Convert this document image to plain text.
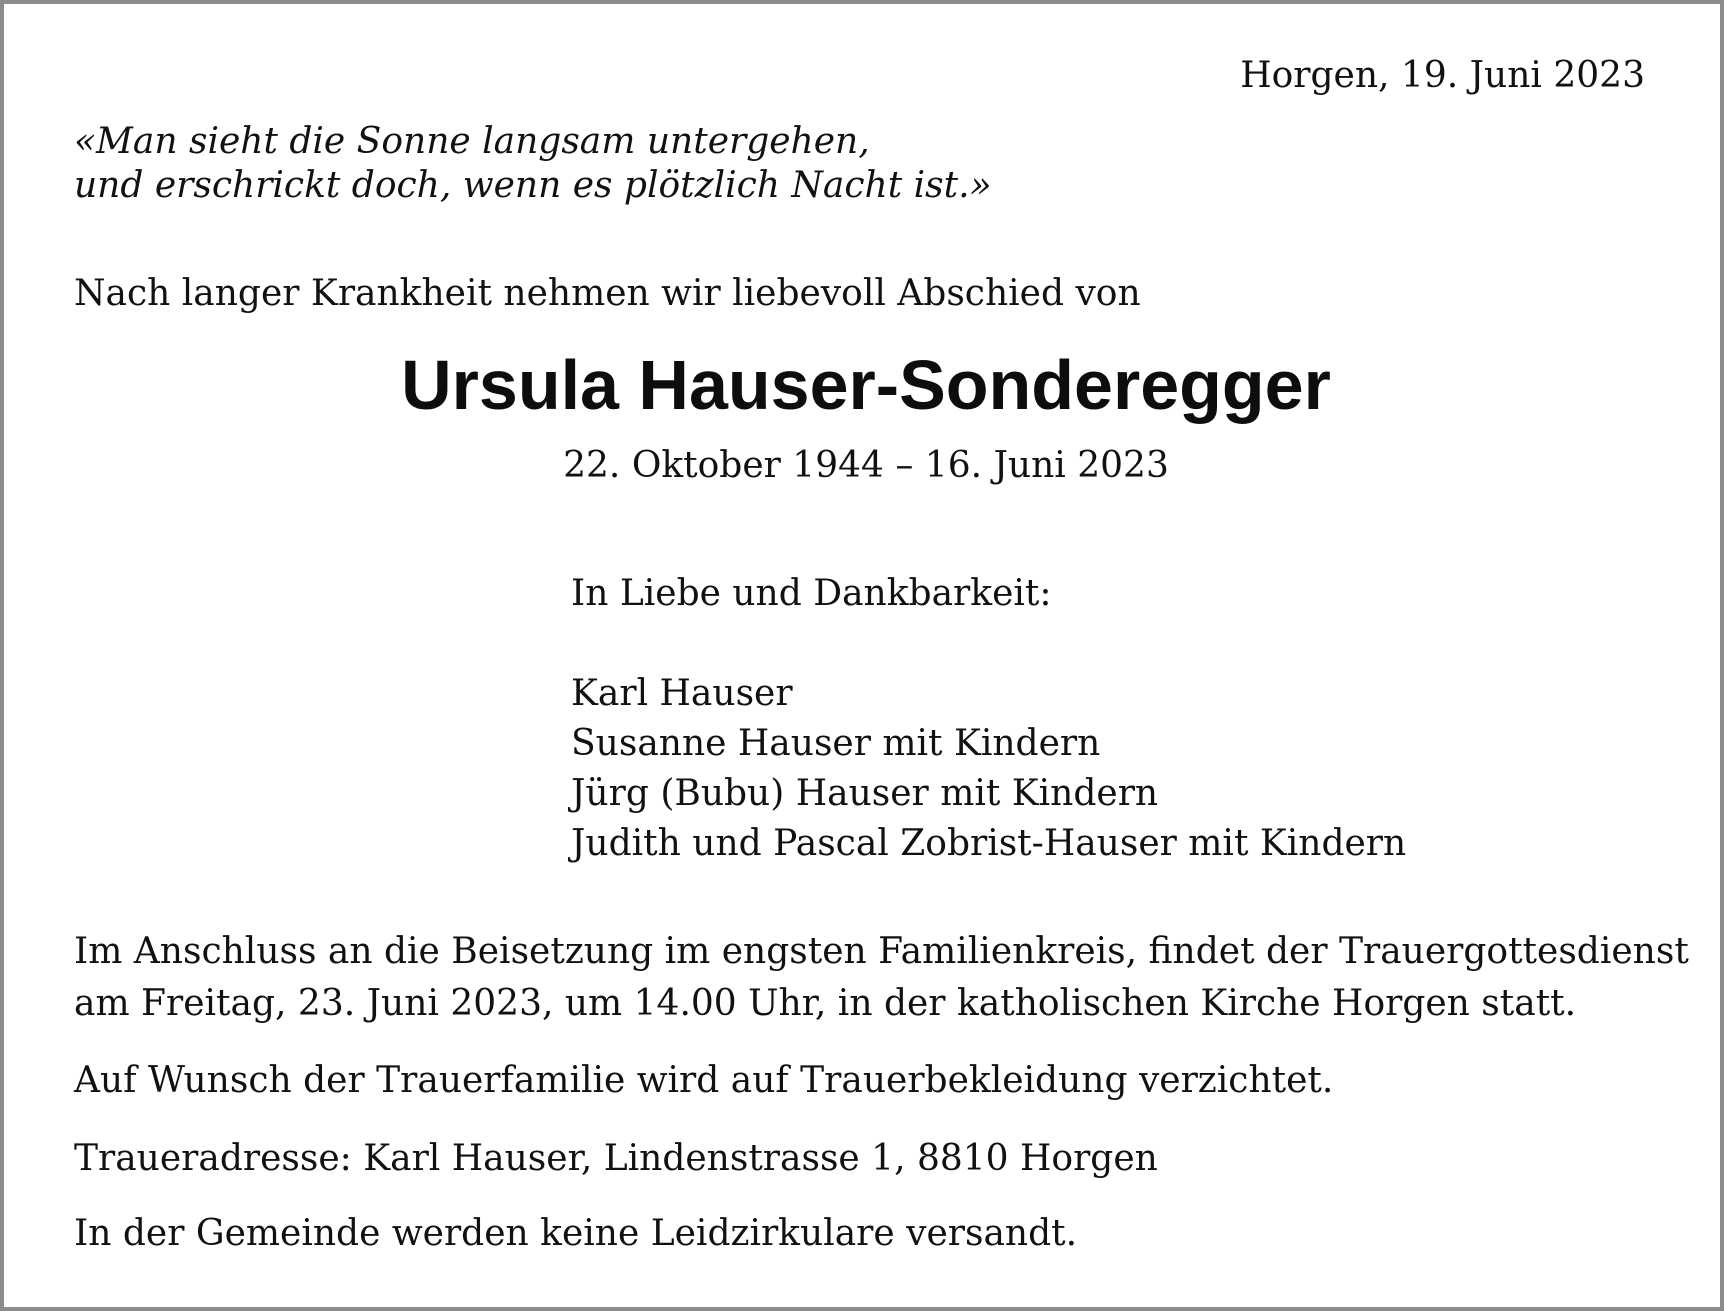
Horgen, 19. Juni 2023
«Man sieht die Sonne langsam untergehen,
und erschrickt doch, wenn es plötzlich Nacht ist.»
Nach langer Krankheit nehmen wir liebevoll Abschied von
Ursula Hauser-Sonderegger
22. Oktober 1944 – 16. Juni 2023
In Liebe und Dankbarkeit:
Karl Hauser
Susanne Hauser mit Kindern
Jürg (Bubu) Hauser mit Kindern
Judith und Pascal Zobrist-Hauser mit Kindern
Im Anschluss an die Beisetzung im engsten Familienkreis, findet der Trauergottesdienst
am Freitag, 23. Juni 2023, um 14.00 Uhr, in der katholischen Kirche Horgen statt.
Auf Wunsch der Trauerfamilie wird auf Trauerbekleidung verzichtet.
Traueradresse: Karl Hauser, Lindenstrasse 1, 8810 Horgen
In der Gemeinde werden keine Leidzirkulare versandt.
